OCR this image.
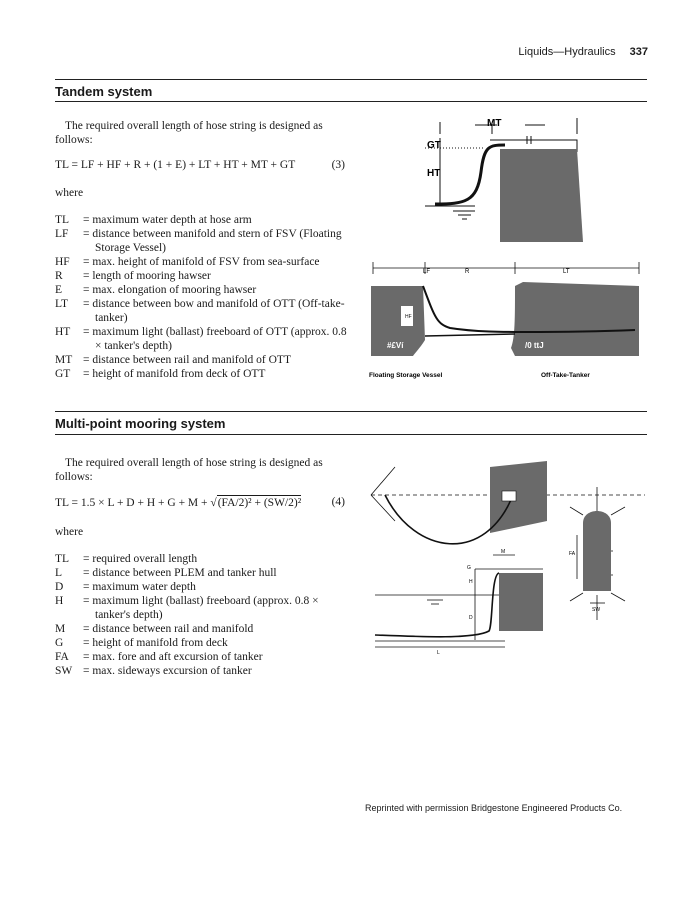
Liquids—Hydraulics 337
Tandem system

The required overall length of hose string is designed as follows:

TL = LF + HF + R + (1 + E) + LT + HT + MT + GT	(3)
where
TL	= maximum water depth at hose arm
LF	= distance between manifold and stern of FSV (Floating
Storage Vessel)
HF	= max. height of manifold of FSV from sea-surface
R	= length of mooring hawser
E	= max. elongation of mooring hawser
LT	= distance between bow and manifold of OTT (Off-take-
tanker)
HT	= maximum light (ballast) freeboard of OTT (approx. 0.8
× tanker's depth)
MT = distance between rail and manifold of OTT
GT	= height of manifold from deck of OTT
MT
GT
HT
HF
LF	R	LT
#£Ví	/0 ttJ
Floating Storage Vessel	Off-Take-Tanker
Multi-point mooring system

The required overall length of hose string is designed as follows:

TL = 1.5 × L + D + H + G + M + √(FA/2)² + (SW/2)²	(4)
where
TL	= required overall length
L	= distance between PLEM and tanker hull
D	= maximum water depth
H	= maximum light (ballast) freeboard (approx. 0.8 ×
tanker's depth)
M	= distance between rail and manifold
G	= height of manifold from deck
FA	= max. fore and aft excursion of tanker
SW = max. sideways excursion of tanker
G
M
H
D
L
FA
SW
Reprinted with permission Bridgestone Engineered Products Co.
